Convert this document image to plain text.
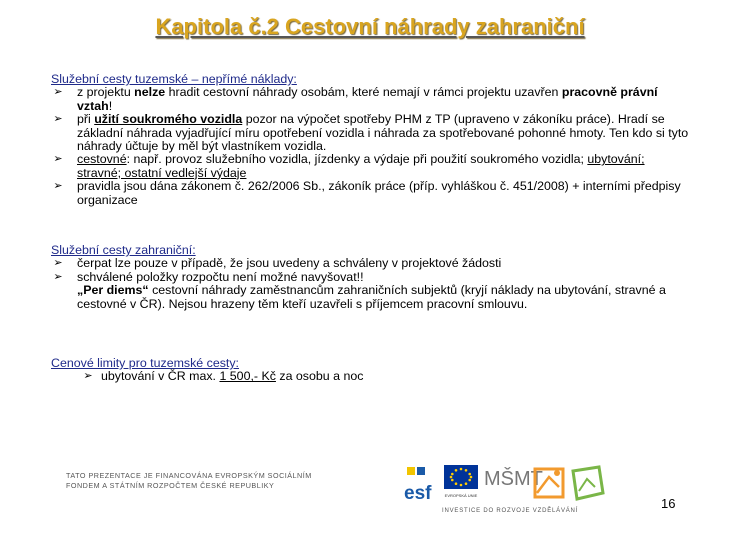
Kapitola č.2 Cestovní náhrady zahraniční
Služební cesty tuzemské – nepřímé náklady:
➢ z projektu nelze hradit cestovní náhrady osobám, které nemají v rámci projektu uzavřen pracovně právní vztah!
➢ při užití soukromého vozidla pozor na výpočet spotřeby PHM z TP (upraveno v zákoníku práce). Hradí se základní náhrada vyjadřující míru opotřebení vozidla i náhrada za spotřebované pohonné hmoty. Ten kdo si tyto náhrady účtuje by měl být vlastníkem vozidla.
➢ cestovné: např. provoz služebního vozidla, jízdenky a výdaje při použití soukromého vozidla; ubytování; stravné; ostatní vedlejší výdaje
➢ pravidla jsou dána zákonem č. 262/2006 Sb., zákoník práce (příp. vyhláškou č. 451/2008) + interními předpisy organizace
Služební cesty zahraniční:
➢ čerpat lze pouze v případě, že jsou uvedeny a schváleny v projektové žádosti
➢ schválené položky rozpočtu není možné navyšovat!!
„Per diems“ cestovní náhrady zaměstnancům zahraničních subjektů (kryjí náklady na ubytování, stravné a cestovné v ČR). Nejsou hrazeny těm kteří uzavřeli s příjemcem pracovní smlouvu.
Cenové limity pro tuzemské cesty:
➢ ubytování v ČR max. 1 500,- Kč za osobu a noc
TATO PREZENTACE JE FINANCOVÁNA EVROPSKÝM SOCIÁLNÍM
FONDEM A STÁTNÍM ROZPOČTEM ČESKÉ REPUBLIKY	esf	EVROPSKÁ UNIE
MŠMT
INVESTICE DO ROZVOJE VZDĚLÁVÁNÍ	16
